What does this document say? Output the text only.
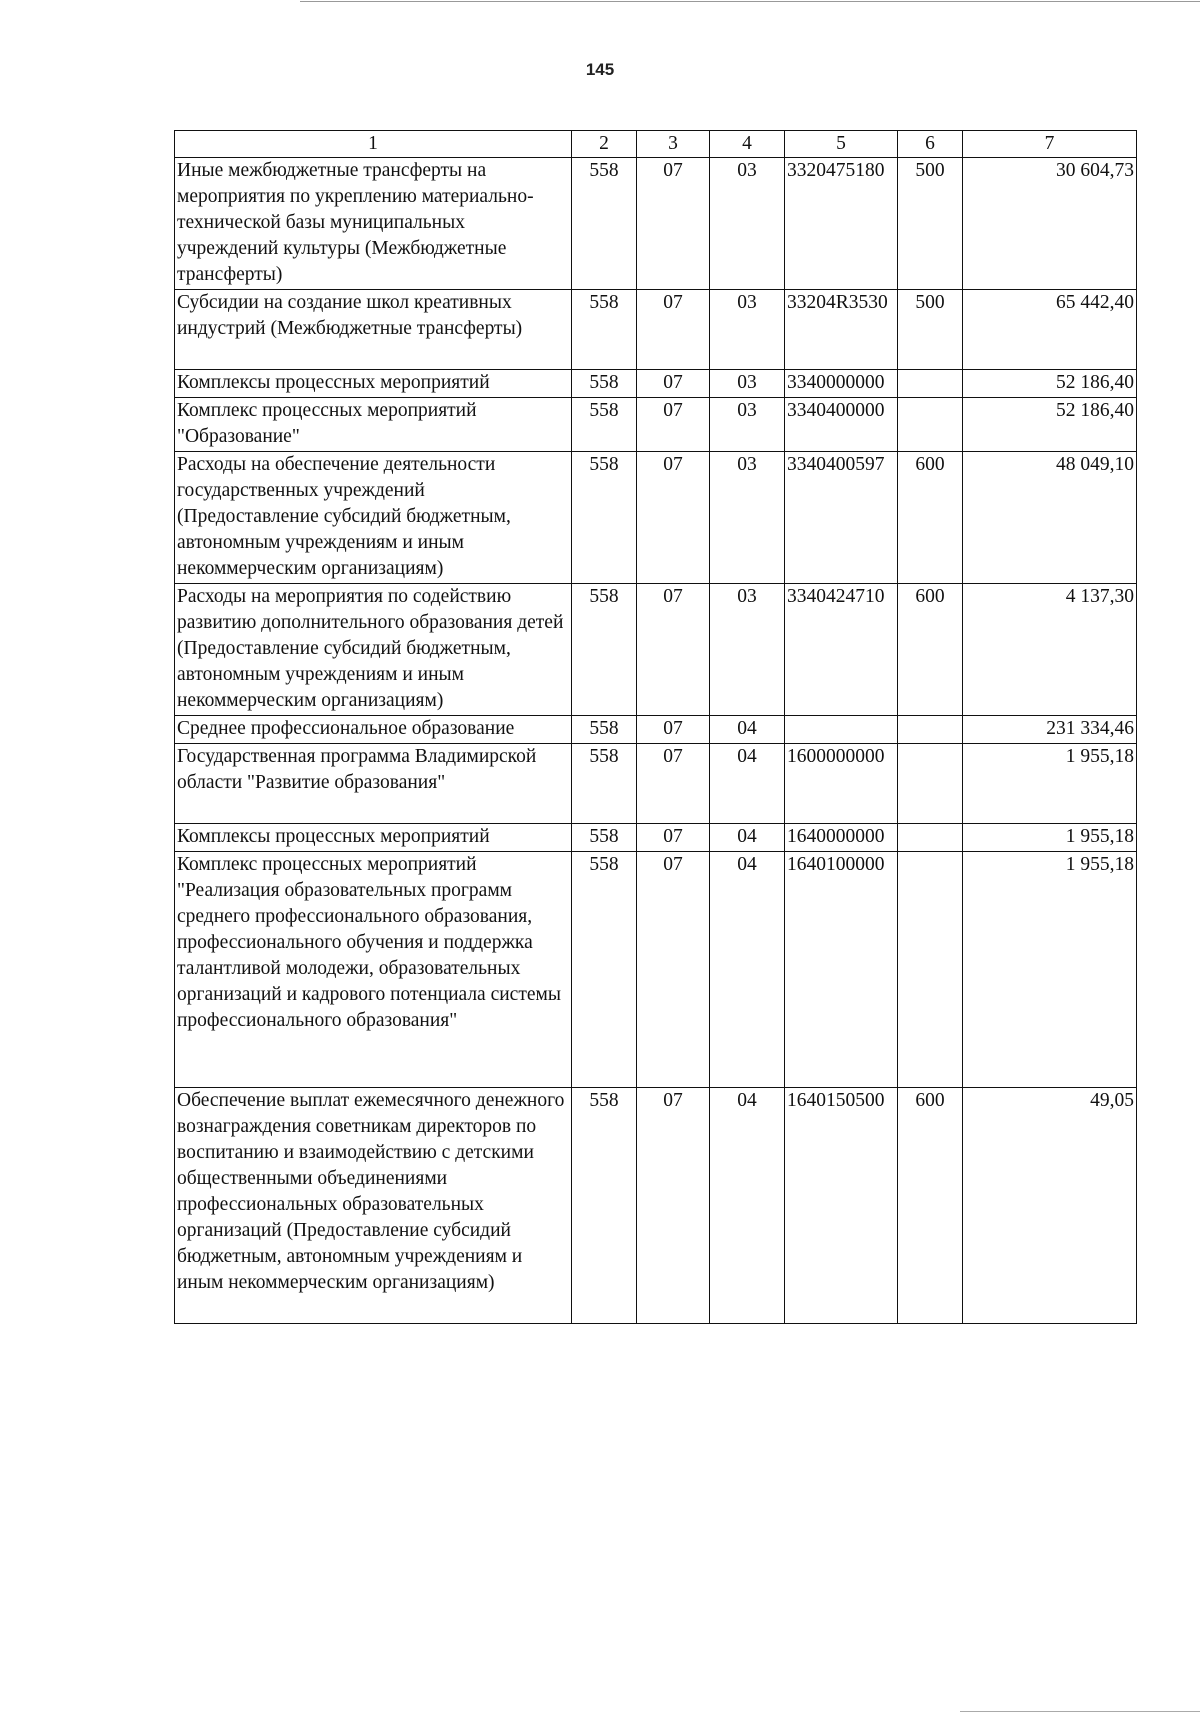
145
1	2	3	4	5	6	7
Иные межбюджетные трансферты на мероприятия по укреплению материально-технической базы муниципальных учреждений культуры (Межбюджетные трансферты)	558	07	03	3320475180	500	30 604,73
Субсидии на создание школ креативных индустрий (Межбюджетные трансферты)	558	07	03	33204R3530	500	65 442,40
Комплексы процессных мероприятий	558	07	03	3340000000		52 186,40
Комплекс процессных мероприятий "Образование"	558	07	03	3340400000		52 186,40
Расходы на обеспечение деятельности государственных учреждений (Предоставление субсидий бюджетным, автономным учреждениям и иным некоммерческим организациям)	558	07	03	3340400597	600	48 049,10
Расходы на мероприятия по содействию развитию дополнительного образования детей (Предоставление субсидий бюджетным, автономным учреждениям и иным некоммерческим организациям)	558	07	03	3340424710	600	4 137,30
Среднее профессиональное образование	558	07	04			231 334,46
Государственная программа Владимирской области "Развитие образования"	558	07	04	1600000000		1 955,18
Комплексы процессных мероприятий	558	07	04	1640000000		1 955,18
Комплекс процессных мероприятий "Реализация образовательных программ среднего профессионального образования, профессионального обучения и поддержка талантливой молодежи, образовательных организаций и кадрового потенциала системы профессионального образования"	558	07	04	1640100000		1 955,18
Обеспечение выплат ежемесячного денежного вознаграждения советникам директоров по воспитанию и взаимодействию с детскими общественными объединениями профессиональных образовательных организаций (Предоставление субсидий бюджетным, автономным учреждениям и иным некоммерческим организациям)	558	07	04	1640150500	600	49,05
